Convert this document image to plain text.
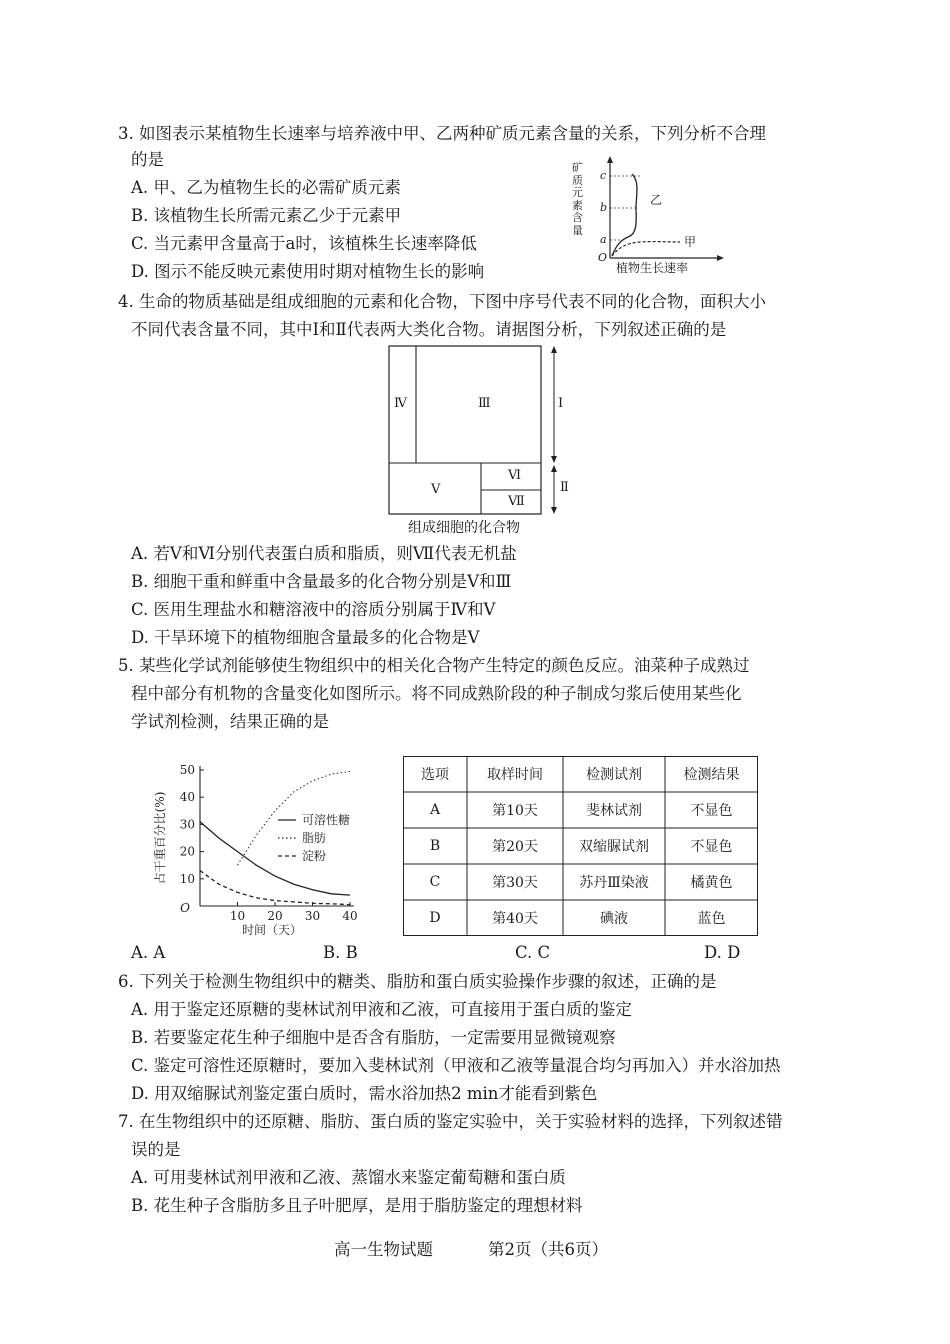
3. 如图表示某植物生长速率与培养液中甲、乙两种矿质元素含量的关系，下列分析不合理
的是
A. 甲、乙为植物生长的必需矿质元素
B. 该植物生长所需元素乙少于元素甲
C. 当元素甲含量高于a时，该植株生长速率降低
D. 图示不能反映元素使用时期对植物生长的影响
矿
质
元
素
含
量
c
b
a
O
乙
甲
植物生长速率
4. 生命的物质基础是组成细胞的元素和化合物，下图中序号代表不同的化合物，面积大小
不同代表含量不同，其中Ⅰ和Ⅱ代表两大类化合物。请据图分析，下列叙述正确的是
Ⅳ	Ⅲ	Ⅰ
Ⅴ
Ⅵ
Ⅶ
Ⅱ
组成细胞的化合物
A. 若Ⅴ和Ⅵ分别代表蛋白质和脂质，则Ⅶ代表无机盐
B. 细胞干重和鲜重中含量最多的化合物分别是Ⅴ和Ⅲ
C. 医用生理盐水和糖溶液中的溶质分别属于Ⅳ和Ⅴ
D. 干旱环境下的植物细胞含量最多的化合物是Ⅴ
5. 某些化学试剂能够使生物组织中的相关化合物产生特定的颜色反应。油菜种子成熟过
程中部分有机物的含量变化如图所示。将不同成熟阶段的种子制成匀浆后使用某些化
学试剂检测，结果正确的是
10
20
30
40
50
10 20 30 40
O
时间（天）
占干重百分比(%)	可溶性糖
脂肪
淀粉
选项	取样时间	检测试剂	检测结果
A	第10天	斐林试剂	不显色
B	第20天	双缩脲试剂	不显色
C	第30天	苏丹Ⅲ染液	橘黄色
D	第40天	碘液	蓝色
A. A	B. B	C. C	D. D
6. 下列关于检测生物组织中的糖类、脂肪和蛋白质实验操作步骤的叙述，正确的是
A. 用于鉴定还原糖的斐林试剂甲液和乙液，可直接用于蛋白质的鉴定
B. 若要鉴定花生种子细胞中是否含有脂肪，一定需要用显微镜观察
C. 鉴定可溶性还原糖时，要加入斐林试剂（甲液和乙液等量混合均匀再加入）并水浴加热
D. 用双缩脲试剂鉴定蛋白质时，需水浴加热2 min才能看到紫色
7. 在生物组织中的还原糖、脂肪、蛋白质的鉴定实验中，关于实验材料的选择，下列叙述错
误的是
A. 可用斐林试剂甲液和乙液、蒸馏水来鉴定葡萄糖和蛋白质
B. 花生种子含脂肪多且子叶肥厚，是用于脂肪鉴定的理想材料
高一生物试题	第2页（共6页）
